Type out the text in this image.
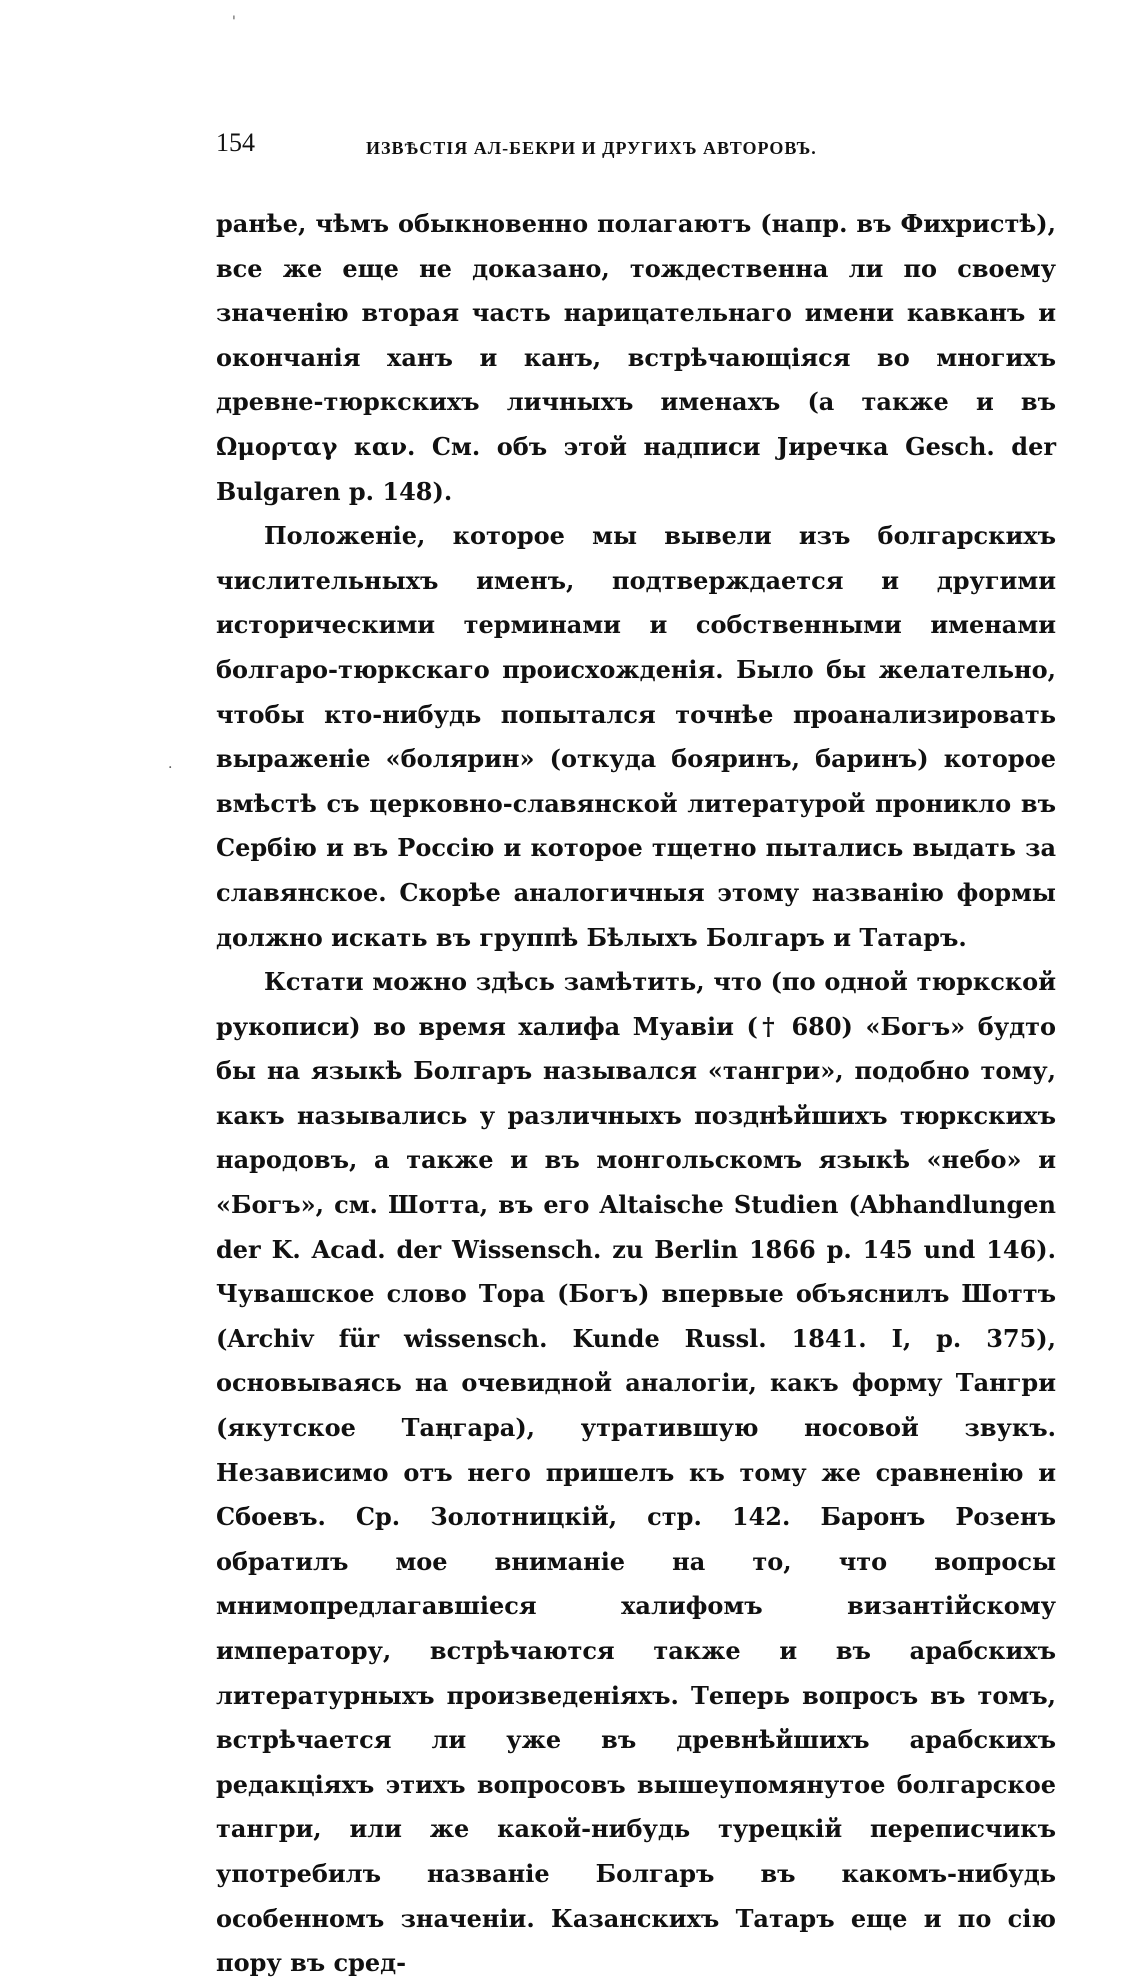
'
.
154	ИЗВѢСТІЯ АЛ-БЕКРИ И ДРУГИХЪ АВТОРОВЪ.

ранѣе, чѣмъ обыкновенно полагаютъ (напр. въ Фихристѣ), все же еще не доказано, тождественна ли по своему значенію вторая часть нарицательнаго имени кавканъ и окончанія ханъ и канъ, встрѣчающіяся во многихъ древне-тюркскихъ личныхъ именахъ (а также и въ Ωμορταγ καν. См. объ этой надписи Jиречка Gesch. der Bulgaren p. 148).

Положеніе, которое мы вывели изъ болгарскихъ числительныхъ именъ, подтверждается и другими историческими терминами и собственными именами болгаро-тюркскаго происхожденія. Было бы желательно, чтобы кто-нибудь попытался точнѣе проанализировать выраженіе «болярин» (откуда бояринъ, баринъ) которое вмѣстѣ съ церковно-славянской литературой проникло въ Сербію и въ Россію и которое тщетно пытались выдать за славянское. Скорѣе аналогичныя этому названію формы должно искать въ группѣ Бѣлыхъ Болгаръ и Татаръ.

Кстати можно здѣсь замѣтить, что (по одной тюркской рукописи) во время халифа Муавіи († 680) «Богъ» будто бы на языкѣ Болгаръ назывался «тангри», подобно тому, какъ назывались у различныхъ позднѣйшихъ тюркскихъ народовъ, а также и въ монгольскомъ языкѣ «небо» и «Богъ», см. Шотта, въ его Altaische Studien (Abhandlungen der K. Acad. der Wissensch. zu Berlin 1866 p. 145 und 146). Чувашское слово Тора (Богъ) впервые объяснилъ Шоттъ (Archiv für wissensch. Kunde Russl. 1841. I, p. 375), основываясь на очевидной аналогіи, какъ форму Тангри (якутское Таңгара), утратившую носовой звукъ. Независимо отъ него пришелъ къ тому же сравненію и Сбоевъ. Ср. Золотницкій, стр. 142. Баронъ Розенъ обратилъ мое вниманіе на то, что вопросы мнимопредлагавшіеся халифомъ византійскому императору, встрѣчаются также и въ арабскихъ литературныхъ произведеніяхъ. Теперь вопросъ въ томъ, встрѣчается ли уже въ древнѣйшихъ арабскихъ редакціяхъ этихъ вопросовъ вышеупомянутое болгарское тангри, или же какой-нибудь турецкій переписчикъ употребилъ названіе Болгаръ въ какомъ-нибудь особенномъ значеніи. Казанскихъ Татаръ еще и по сію пору въ сред-
